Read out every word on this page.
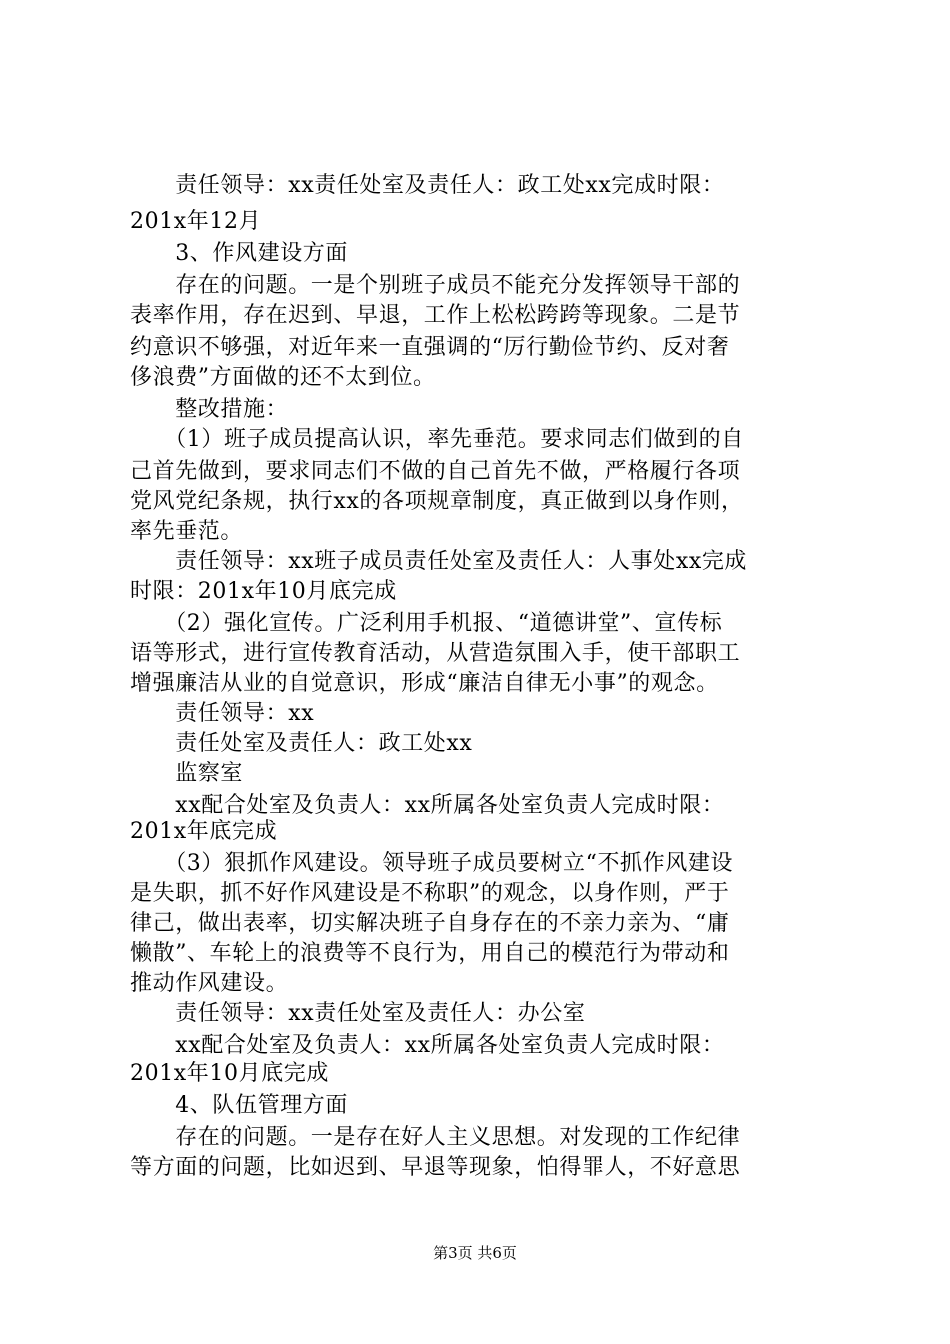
　　责任领导：xx责任处室及责任人：政工处xx完成时限：
201x年12月
　　3、作风建设方面
　　存在的问题。一是个别班子成员不能充分发挥领导干部的
表率作用，存在迟到、早退，工作上松松跨跨等现象。二是节
约意识不够强，对近年来一直强调的“厉行勤俭节约、反对奢
侈浪费”方面做的还不太到位。
　　整改措施：
　　（1）班子成员提高认识，率先垂范。要求同志们做到的自
己首先做到，要求同志们不做的自己首先不做，严格履行各项
党风党纪条规，执行xx的各项规章制度，真正做到以身作则，
率先垂范。
　　责任领导：xx班子成员责任处室及责任人：人事处xx完成
时限：201x年10月底完成
　　（2）强化宣传。广泛利用手机报、“道德讲堂”、宣传标
语等形式，进行宣传教育活动，从营造氛围入手，使干部职工
增强廉洁从业的自觉意识，形成“廉洁自律无小事”的观念。
　　责任领导：xx
　　责任处室及责任人：政工处xx
　　监察室
　　xx配合处室及负责人：xx所属各处室负责人完成时限：
201x年底完成
　　（3）狠抓作风建设。领导班子成员要树立“不抓作风建设
是失职，抓不好作风建设是不称职”的观念，以身作则，严于
律己，做出表率，切实解决班子自身存在的不亲力亲为、“庸
懒散”、车轮上的浪费等不良行为，用自己的模范行为带动和
推动作风建设。
　　责任领导：xx责任处室及责任人：办公室
　　xx配合处室及负责人：xx所属各处室负责人完成时限：
201x年10月底完成
　　4、队伍管理方面
　　存在的问题。一是存在好人主义思想。对发现的工作纪律
等方面的问题，比如迟到、早退等现象，怕得罪人，不好意思
第3页 共6页
